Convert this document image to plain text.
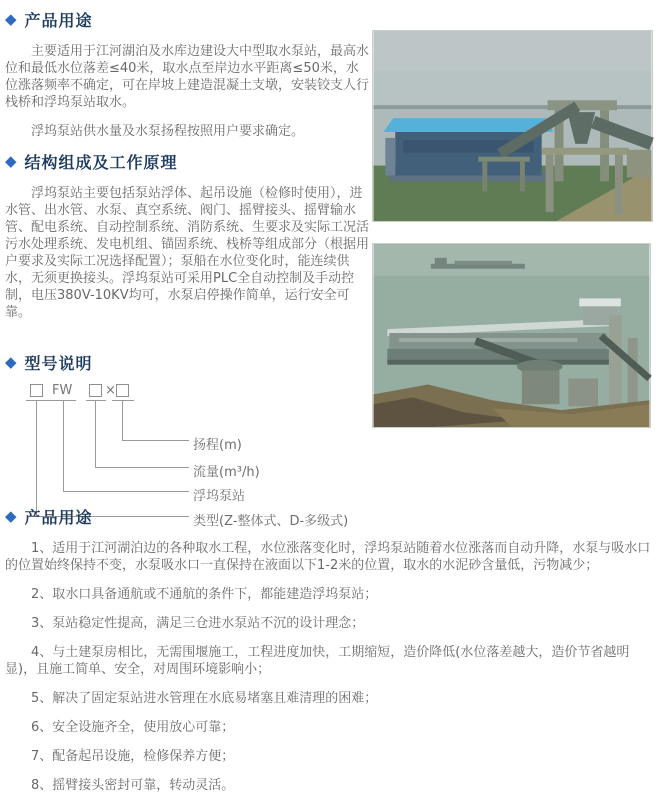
◆ 产品用途

主要适用于江河湖泊及水库边建设大中型取水泵站，最高水位和最低水位落差≤40米，取水点至岸边水平距离≤50米，水位涨落频率不确定，可在岸坡上建造混凝土支墩，安装铰支人行栈桥和浮坞泵站取水。

浮坞泵站供水量及水泵扬程按照用户要求确定。

◆ 结构组成及工作原理

浮坞泵站主要包括泵站浮体、起吊设施（检修时使用），进水管、出水管、水泵、真空系统、阀门、摇臂接头、摇臂输水管、配电系统、自动控制系统、消防系统、生要求及实际工况活污水处理系统、发电机组、锚固系统、栈桥等组成部分（根据用户要求及实际工况选择配置）；泵船在水位变化时，能连续供水，无须更换接头。浮坞泵站可采用PLC全自动控制及手动控制，电压380V-10KV均可，水泵启停操作简单，运行安全可靠。

◆ 型号说明
FW	×
扬程(m)
流量(m³/h)
浮坞泵站
类型(Z-整体式、D-多级式)
◆ 产品用途

1、适用于江河湖泊边的各种取水工程，水位涨落变化时，浮坞泵站随着水位涨落而自动升降，水泵与吸水口的位置始终保持不变，水泵吸水口一直保持在液面以下1-2米的位置，取水的水泥砂含量低，污物减少；

2、取水口具备通航或不通航的条件下，都能建造浮坞泵站；

3、泵站稳定性提高，满足三仓进水泵站不沉的设计理念；

4、与土建泵房相比，无需围堰施工，工程进度加快，工期缩短，造价降低(水位落差越大，造价节省越明显)，且施工简单、安全，对周围环境影响小；

5、解决了固定泵站进水管理在水底易堵塞且难清理的困难；

6、安全设施齐全，使用放心可靠；

7、配备起吊设施，检修保养方便；

8、摇臂接头密封可靠，转动灵活。
